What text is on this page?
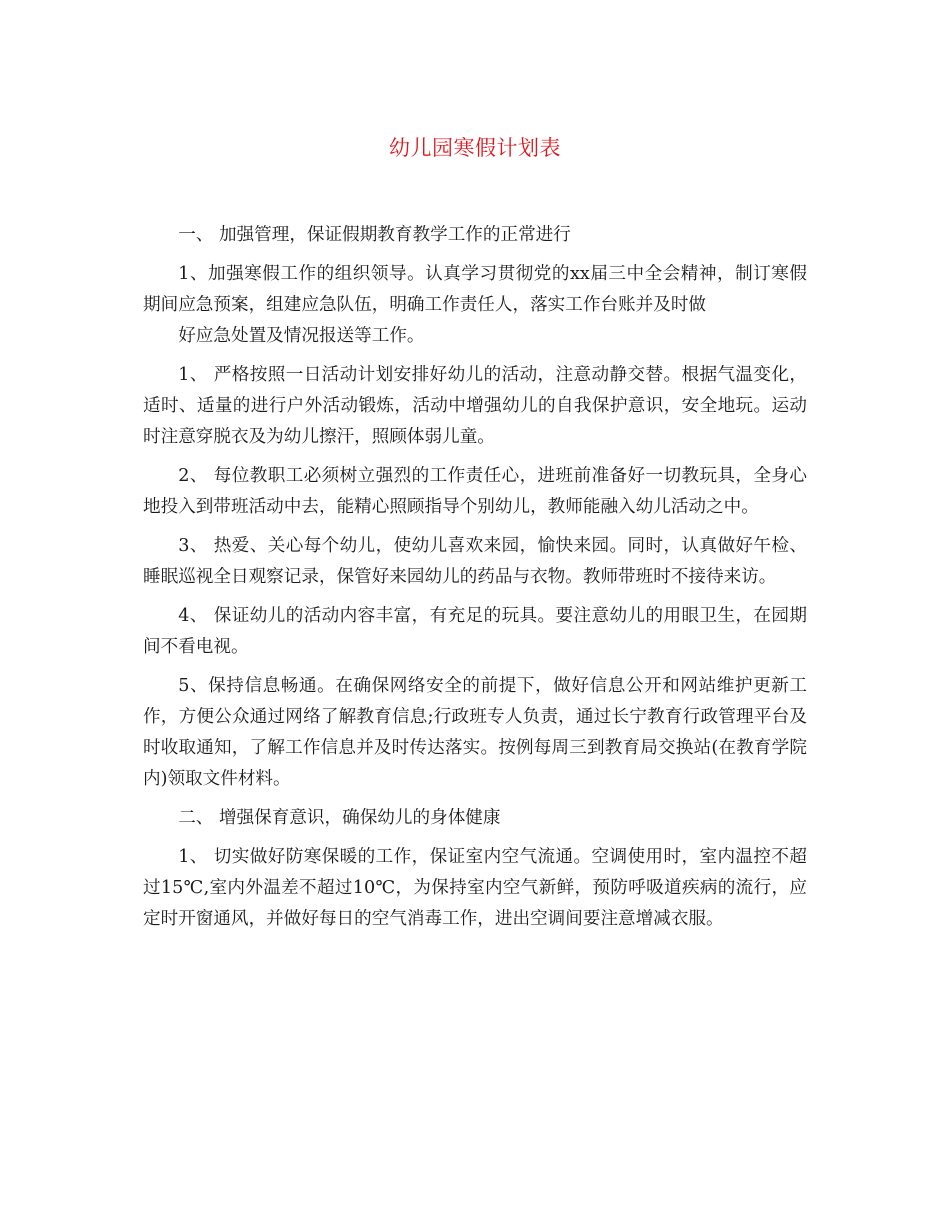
幼儿园寒假计划表

一、 加强管理，保证假期教育教学工作的正常进行

1、加强寒假工作的组织领导。认真学习贯彻党的xx届三中全会精神，制订寒假期间应急预案，组建应急队伍，明确工作责任人，落实工作台账并及时做

好应急处置及情况报送等工作。

1、 严格按照一日活动计划安排好幼儿的活动，注意动静交替。根据气温变化，适时、适量的进行户外活动锻炼，活动中增强幼儿的自我保护意识，安全地玩。运动时注意穿脱衣及为幼儿擦汗，照顾体弱儿童。

2、 每位教职工必须树立强烈的工作责任心，进班前准备好一切教玩具，全身心地投入到带班活动中去，能精心照顾指导个别幼儿，教师能融入幼儿活动之中。

3、 热爱、关心每个幼儿，使幼儿喜欢来园，愉快来园。同时，认真做好午检、睡眠巡视全日观察记录，保管好来园幼儿的药品与衣物。教师带班时不接待来访。

4、 保证幼儿的活动内容丰富，有充足的玩具。要注意幼儿的用眼卫生，在园期间不看电视。

5、保持信息畅通。在确保网络安全的前提下，做好信息公开和网站维护更新工作，方便公众通过网络了解教育信息;行政班专人负责，通过长宁教育行政管理平台及时收取通知，了解工作信息并及时传达落实。按例每周三到教育局交换站(在教育学院内)领取文件材料。

二、 增强保育意识，确保幼儿的身体健康

1、 切实做好防寒保暖的工作，保证室内空气流通。空调使用时，室内温控不超过15℃,室内外温差不超过10℃，为保持室内空气新鲜，预防呼吸道疾病的流行，应定时开窗通风，并做好每日的空气消毒工作，进出空调间要注意增减衣服。
